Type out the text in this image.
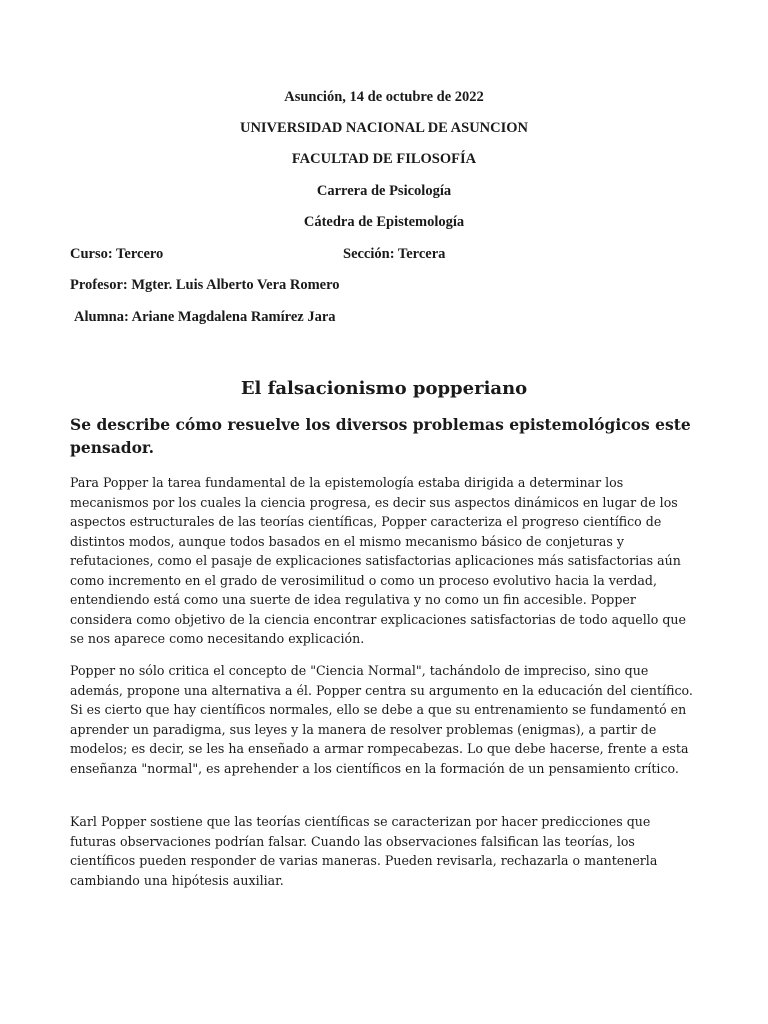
Asunción, 14 de octubre de 2022
UNIVERSIDAD NACIONAL DE ASUNCION
FACULTAD DE FILOSOFÍA
Carrera de Psicología
Cátedra de Epistemología
Curso: Tercero	Sección: Tercera
Profesor: Mgter. Luis Alberto Vera Romero
Alumna: Ariane Magdalena Ramírez Jara
El falsacionismo popperiano
Se describe cómo resuelve los diversos problemas epistemológicos este pensador.

Para Popper la tarea fundamental de la epistemología estaba dirigida a determinar los mecanismos por los cuales la ciencia progresa, es decir sus aspectos dinámicos en lugar de los aspectos estructurales de las teorías científicas, Popper caracteriza el progreso científico de distintos modos, aunque todos basados en el mismo mecanismo básico de conjeturas y refutaciones, como el pasaje de explicaciones satisfactorias aplicaciones más satisfactorias aún como incremento en el grado de verosimilitud o como un proceso evolutivo hacia la verdad, entendiendo está como una suerte de idea regulativa y no como un fin accesible. Popper considera como objetivo de la ciencia encontrar explicaciones satisfactorias de todo aquello que se nos aparece como necesitando explicación.

Popper no sólo critica el concepto de "Ciencia Normal", tachándolo de impreciso, sino que además, propone una alternativa a él. Popper centra su argumento en la educación del científico. Si es cierto que hay científicos normales, ello se debe a que su entrenamiento se fundamentó en aprender un paradigma, sus leyes y la manera de resolver problemas (enigmas), a partir de modelos; es decir, se les ha enseñado a armar rompecabezas. Lo que debe hacerse, frente a esta enseñanza "normal", es aprehender a los científicos en la formación de un pensamiento crítico.

Karl Popper sostiene que las teorías científicas se caracterizan por hacer predicciones que futuras observaciones podrían falsar. Cuando las observaciones falsifican las teorías, los científicos pueden responder de varias maneras. Pueden revisarla, rechazarla o mantenerla cambiando una hipótesis auxiliar.
